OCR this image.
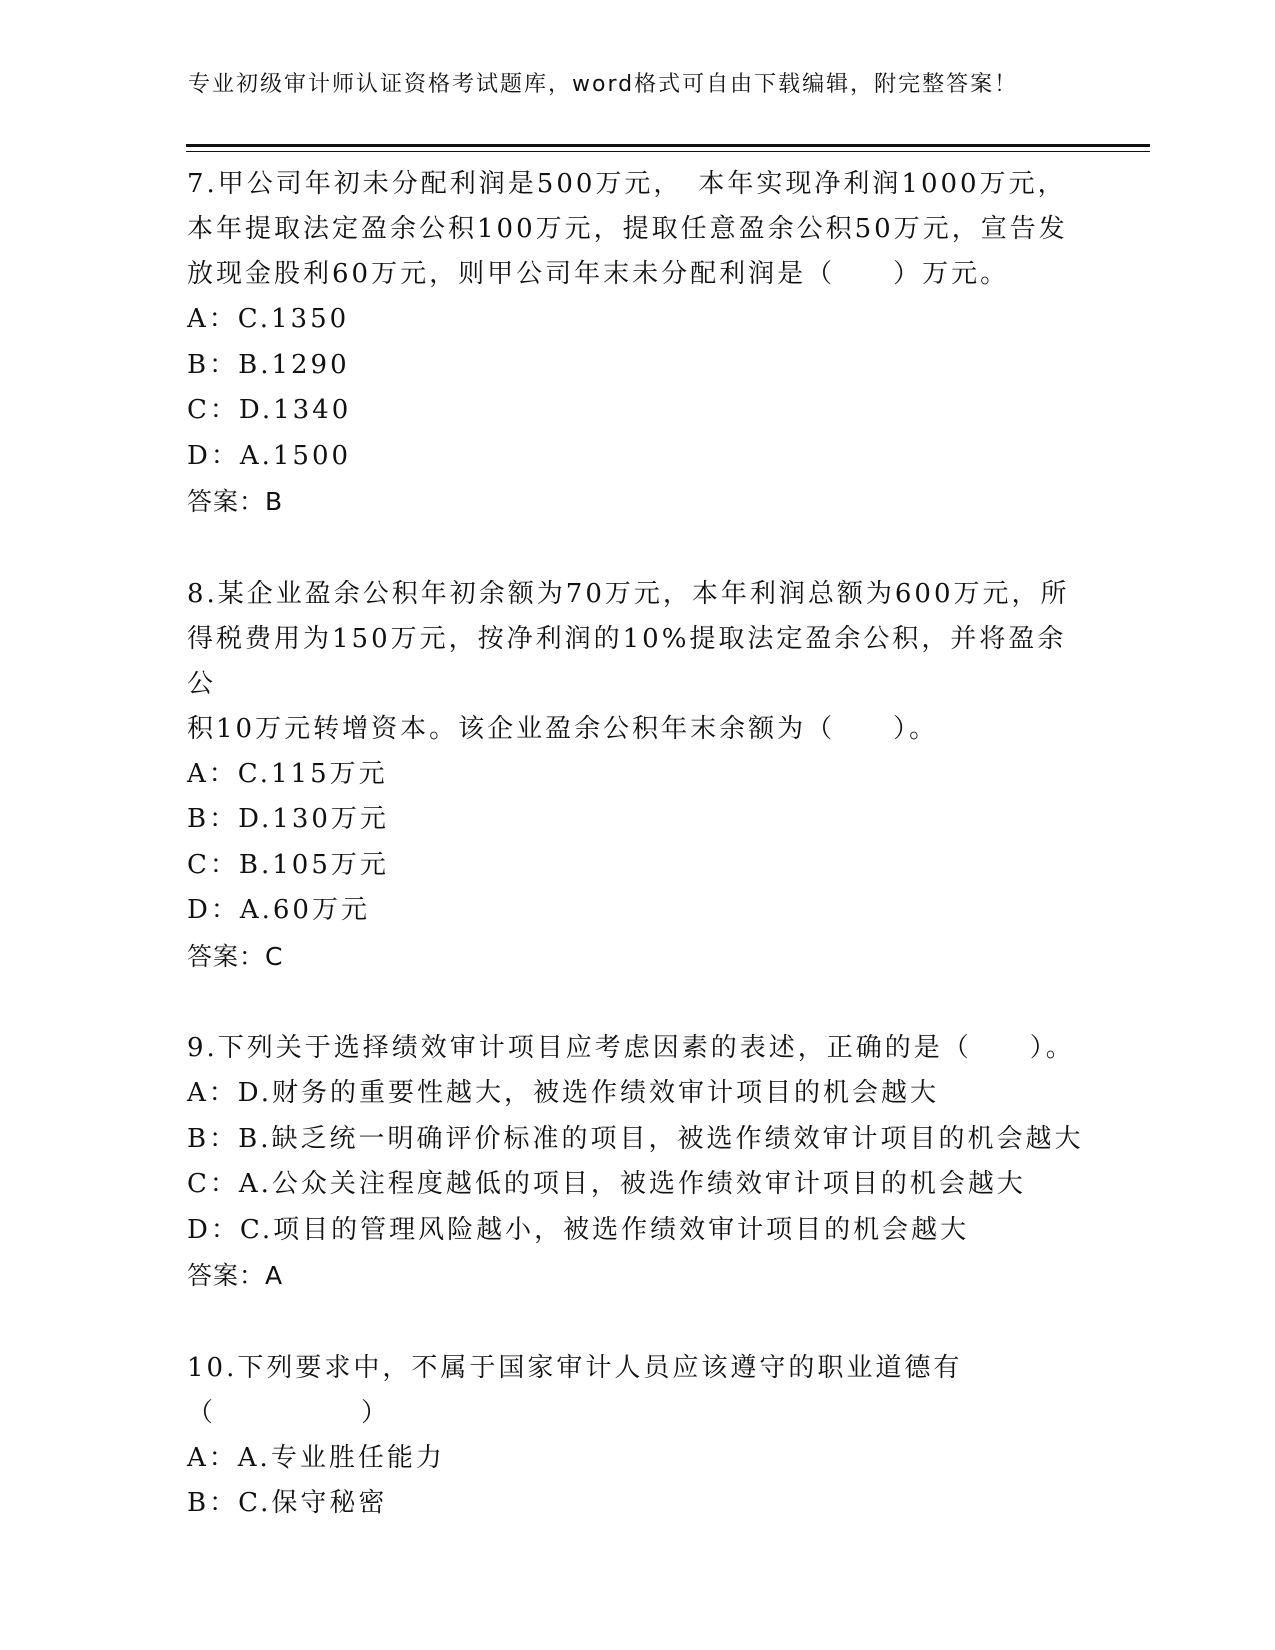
专业初级审计师认证资格考试题库，word格式可自由下载编辑，附完整答案！
7.甲公司年初未分配利润是500万元，　本年实现净利润1000万元，
本年提取法定盈余公积100万元，提取任意盈余公积50万元，宣告发
放现金股利60万元，则甲公司年末未分配利润是（　　）万元。
A：C.1350
B：B.1290
C：D.1340
D：A.1500
答案：B
8.某企业盈余公积年初余额为70万元，本年利润总额为600万元，所
得税费用为150万元，按净利润的10%提取法定盈余公积，并将盈余公
积10万元转增资本。该企业盈余公积年末余额为（　　）。
A：C.115万元
B：D.130万元
C：B.105万元
D：A.60万元
答案：C
9.下列关于选择绩效审计项目应考虑因素的表述，正确的是（　　）。
A：D.财务的重要性越大，被选作绩效审计项目的机会越大
B：B.缺乏统一明确评价标准的项目，被选作绩效审计项目的机会越大
C：A.公众关注程度越低的项目，被选作绩效审计项目的机会越大
D：C.项目的管理风险越小，被选作绩效审计项目的机会越大
答案：A
10.下列要求中，不属于国家审计人员应该遵守的职业道德有
（　　　　　）
A：A.专业胜任能力
B：C.保守秘密
